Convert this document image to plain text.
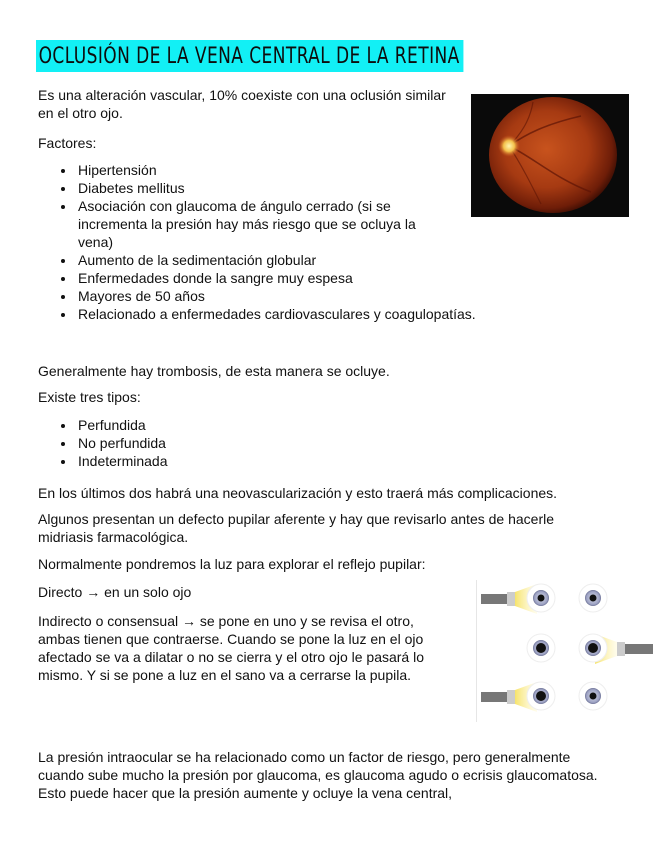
OCLUSIÓN DE LA VENA CENTRAL DE LA RETINA

Es una alteración vascular, 10% coexiste con una oclusión similar en el otro ojo.

Factores:

• Hipertensión
• Diabetes mellitus
• Asociación con glaucoma de ángulo cerrado (si se incrementa la presión hay más riesgo que se ocluya la vena)
• Aumento de la sedimentación globular
• Enfermedades donde la sangre muy espesa
• Mayores de 50 años
• Relacionado a enfermedades cardiovasculares y coagulopatías.

Generalmente hay trombosis, de esta manera se ocluye.

Existe tres tipos:

• Perfundida
• No perfundida
• Indeterminada

En los últimos dos habrá una neovascularización y esto traerá más complicaciones.

Algunos presentan un defecto pupilar aferente y hay que revisarlo antes de hacerle midriasis farmacológica.

Normalmente pondremos la luz para explorar el reflejo pupilar:

Directo → en un solo ojo

Indirecto o consensual → se pone en uno y se revisa el otro, ambas tienen que contraerse. Cuando se pone la luz en el ojo afectado se va a dilatar o no se cierra y el otro ojo le pasará lo mismo. Y si se pone a luz en el sano va a cerrarse la pupila.

La presión intraocular se ha relacionado como un factor de riesgo, pero generalmente cuando sube mucho la presión por glaucoma, es glaucoma agudo o ecrisis glaucomatosa. Esto puede hacer que la presión aumente y ocluye la vena central,
